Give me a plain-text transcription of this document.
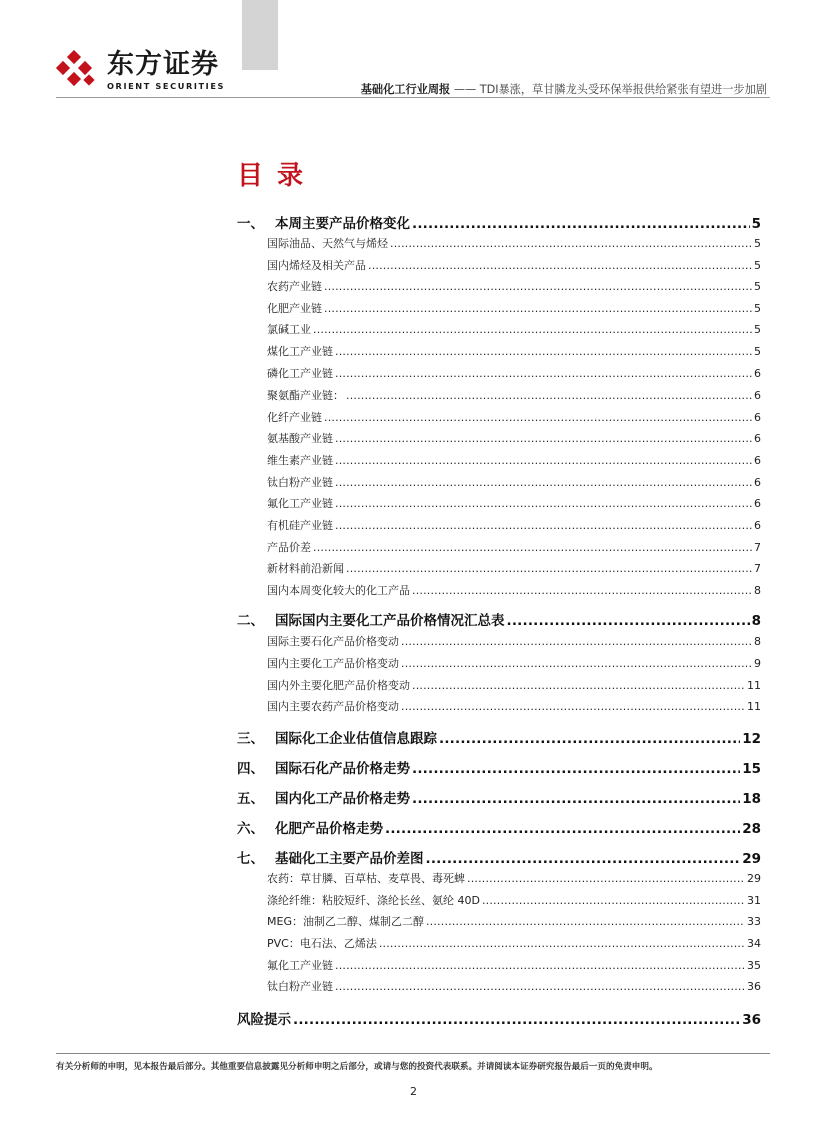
东方证券
ORIENT SECURITIES	基础化工行业周报 —— TDI暴涨，草甘膦龙头受环保举报供给紧张有望进一步加剧
目录
一、 本周主要产品价格变化 .....	5
国际油品、天然气与烯烃 .....	5
国内烯烃及相关产品 .....	5
农药产业链 .....	5
化肥产业链 .....	5
氯碱工业 .....	5
煤化工产业链 .....	5
磷化工产业链 .....	6
聚氨酯产业链： .....	6
化纤产业链 .....	6
氨基酸产业链 .....	6
维生素产业链 .....	6
钛白粉产业链 .....	6
氟化工产业链 .....	6
有机硅产业链 .....	6
产品价差 .....	7
新材料前沿新闻 .....	7
国内本周变化较大的化工产品 .....	8
二、 国际国内主要化工产品价格情况汇总表 .....	8
国际主要石化产品价格变动 .....	8
国内主要化工产品价格变动 .....	9
国内外主要化肥产品价格变动 .....	11
国内主要农药产品价格变动 .....	11
三、 国际化工企业估值信息跟踪 .....	12
四、 国际石化产品价格走势 .....	15
五、 国内化工产品价格走势 .....	18
六、 化肥产品价格走势 .....	28
七、 基础化工主要产品价差图 .....	29
农药：草甘膦、百草枯、麦草畏、毒死蜱 .....	29
涤纶纤维：粘胶短纤、涤纶长丝、氨纶 40D .....	31
MEG：油制乙二醇、煤制乙二醇 .....	33
PVC：电石法、乙烯法 .....	34
氟化工产业链 .....	35
钛白粉产业链 .....	36
风险提示 .....	36
有关分析师的申明，见本报告最后部分。其他重要信息披露见分析师申明之后部分，或请与您的投资代表联系。并请阅读本证券研究报告最后一页的免责申明。
2
